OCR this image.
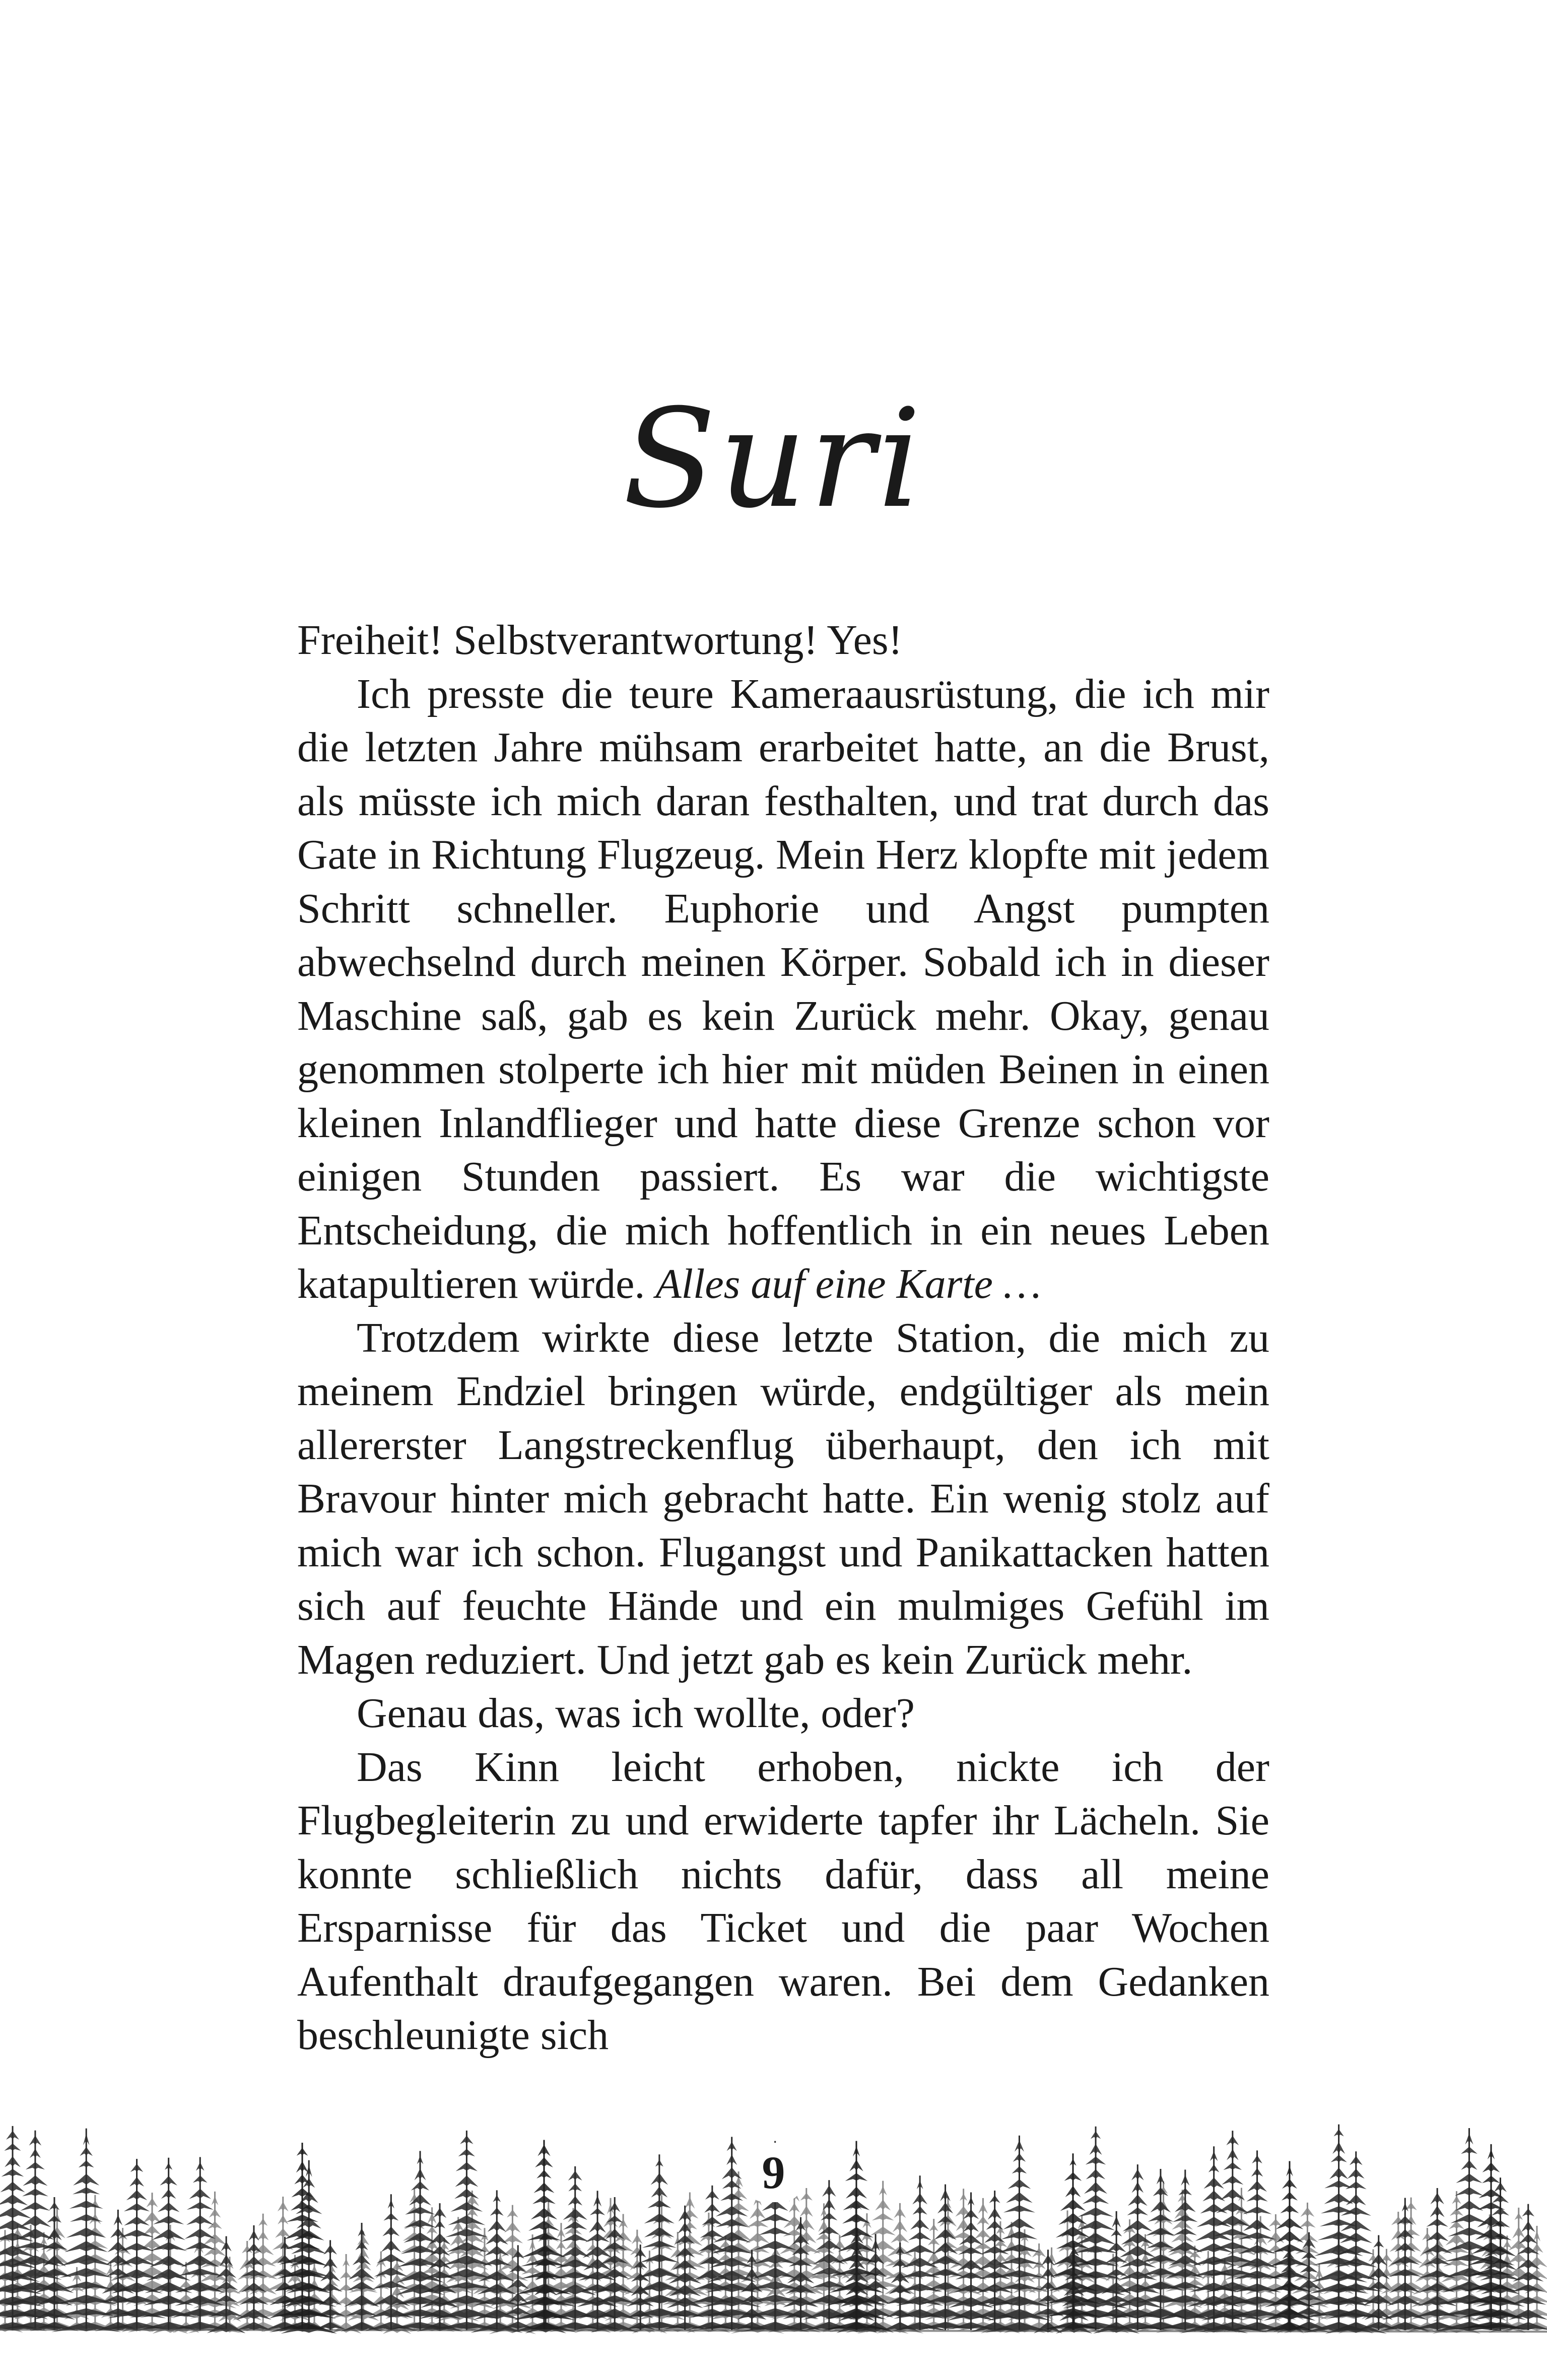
Suri

Freiheit! Selbstverantwortung! Yes!

Ich presste die teure Kameraausrüstung, die ich mir die letzten Jahre mühsam erarbeitet hatte, an die Brust, als müsste ich mich daran festhalten, und trat durch das Gate in Richtung Flugzeug. Mein Herz klopfte mit jedem Schritt schneller. Euphorie und Angst pumpten abwechselnd durch meinen Körper. Sobald ich in dieser Maschine saß, gab es kein Zurück mehr. Okay, genau genommen stolperte ich hier mit müden Beinen in einen kleinen Inlandflieger und hatte diese Grenze schon vor einigen Stunden passiert. Es war die wichtigste Entscheidung, die mich hoffentlich in ein neues Leben katapultieren würde. Alles auf eine Karte …

Trotzdem wirkte diese letzte Station, die mich zu meinem Endziel bringen würde, endgültiger als mein allererster Langstreckenflug überhaupt, den ich mit Bravour hinter mich gebracht hatte. Ein wenig stolz auf mich war ich schon. Flugangst und Panikattacken hatten sich auf feuchte Hände und ein mulmiges Gefühl im Magen reduziert. Und jetzt gab es kein Zurück mehr.

Genau das, was ich wollte, oder?

Das Kinn leicht erhoben, nickte ich der Flugbegleiterin zu und erwiderte tapfer ihr Lächeln. Sie konnte schließlich nichts dafür, dass all meine Ersparnisse für das Ticket und die paar Wochen Aufenthalt draufgegangen waren. Bei dem Gedanken beschleunigte sich

9
